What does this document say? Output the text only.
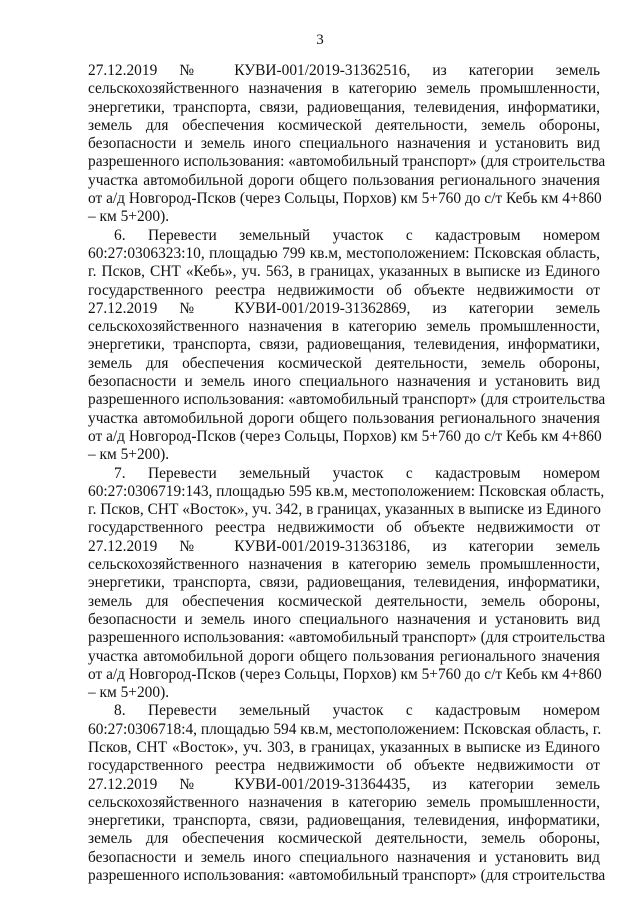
3
27.12.2019 № КУВИ-001/2019-31362516, из категории земель
сельскохозяйственного назначения в категорию земель промышленности,
энергетики, транспорта, связи, радиовещания, телевидения, информатики,
земель для обеспечения космической деятельности, земель обороны,
безопасности и земель иного специального назначения и установить вид
разрешенного использования: «автомобильный транспорт» (для строительства
участка автомобильной дороги общего пользования регионального значения
от а/д Новгород-Псков (через Сольцы, Порхов) км 5+760 до с/т Кебь км 4+860
– км 5+200).
6. Перевести земельный участок с кадастровым номером
60:27:0306323:10, площадью 799 кв.м, местоположением: Псковская область,
г. Псков, СНТ «Кебь», уч. 563, в границах, указанных в выписке из Единого
государственного реестра недвижимости об объекте недвижимости от
27.12.2019 № КУВИ-001/2019-31362869, из категории земель
сельскохозяйственного назначения в категорию земель промышленности,
энергетики, транспорта, связи, радиовещания, телевидения, информатики,
земель для обеспечения космической деятельности, земель обороны,
безопасности и земель иного специального назначения и установить вид
разрешенного использования: «автомобильный транспорт» (для строительства
участка автомобильной дороги общего пользования регионального значения
от а/д Новгород-Псков (через Сольцы, Порхов) км 5+760 до с/т Кебь км 4+860
– км 5+200).
7. Перевести земельный участок с кадастровым номером
60:27:0306719:143, площадью 595 кв.м, местоположением: Псковская область,
г. Псков, СНТ «Восток», уч. 342, в границах, указанных в выписке из Единого
государственного реестра недвижимости об объекте недвижимости от
27.12.2019 № КУВИ-001/2019-31363186, из категории земель
сельскохозяйственного назначения в категорию земель промышленности,
энергетики, транспорта, связи, радиовещания, телевидения, информатики,
земель для обеспечения космической деятельности, земель обороны,
безопасности и земель иного специального назначения и установить вид
разрешенного использования: «автомобильный транспорт» (для строительства
участка автомобильной дороги общего пользования регионального значения
от а/д Новгород-Псков (через Сольцы, Порхов) км 5+760 до с/т Кебь км 4+860
– км 5+200).
8. Перевести земельный участок с кадастровым номером
60:27:0306718:4, площадью 594 кв.м, местоположением: Псковская область, г.
Псков, СНТ «Восток», уч. 303, в границах, указанных в выписке из Единого
государственного реестра недвижимости об объекте недвижимости от
27.12.2019 № КУВИ-001/2019-31364435, из категории земель
сельскохозяйственного назначения в категорию земель промышленности,
энергетики, транспорта, связи, радиовещания, телевидения, информатики,
земель для обеспечения космической деятельности, земель обороны,
безопасности и земель иного специального назначения и установить вид
разрешенного использования: «автомобильный транспорт» (для строительства
